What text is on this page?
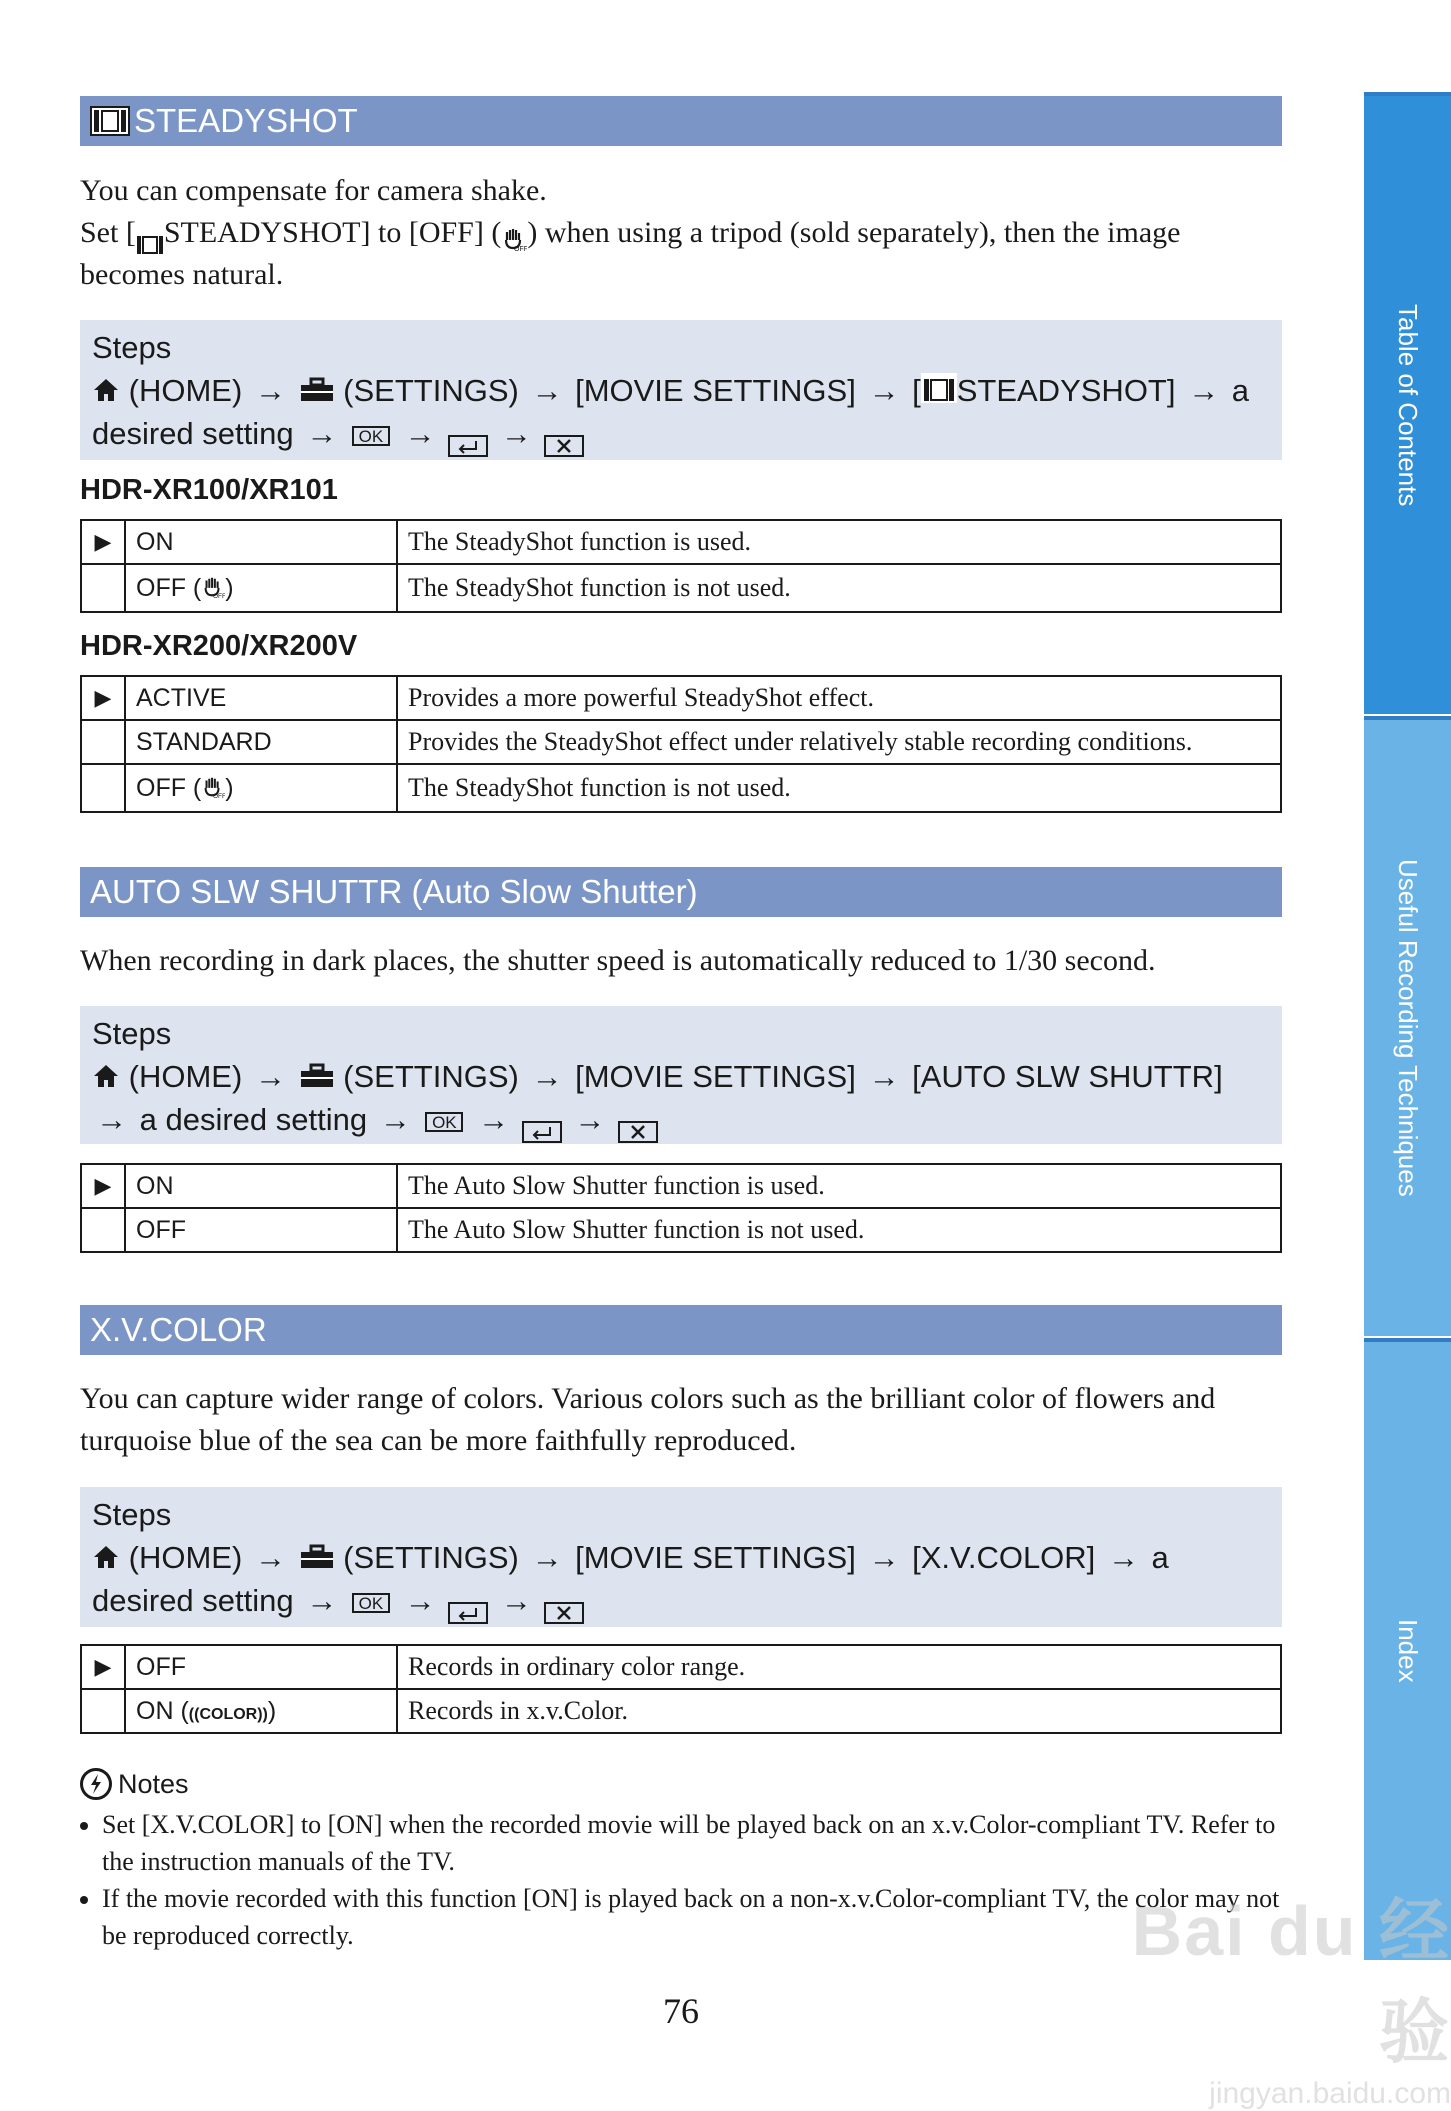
STEADYSHOT

You can compensate for camera shake.

Set [ STEADYSHOT] to [OFF] (
OFF
) when using a tripod (sold separately), then the image becomes natural.

Steps
(HOME) → (SETTINGS) → [MOVIE SETTINGS] → [ STEADYSHOT] → a desired setting → OK → →
HDR-XR100/XR101
▶	ON	The SteadyShot function is used.
	OFF ( OFF )	The SteadyShot function is not used.
HDR-XR200/XR200V
▶	ACTIVE	Provides a more powerful SteadyShot effect.
	STANDARD	Provides the SteadyShot effect under relatively stable recording conditions.
	OFF ( OFF )	The SteadyShot function is not used.
AUTO SLW SHUTTR (Auto Slow Shutter)

When recording in dark places, the shutter speed is automatically reduced to 1/30 second.

Steps
(HOME) → (SETTINGS) → [MOVIE SETTINGS] → [AUTO SLW SHUTTR] → a desired setting → OK → →
▶	ON	The Auto Slow Shutter function is used.
	OFF	The Auto Slow Shutter function is not used.
X.V.COLOR

You can capture wider range of colors. Various colors such as the brilliant color of flowers and turquoise blue of the sea can be more faithfully reproduced.

Steps
(HOME) → (SETTINGS) → [MOVIE SETTINGS] → [X.V.COLOR] → a desired setting → OK → →
▶	OFF	Records in ordinary color range.
	ON (((COLOR)))	Records in x.v.Color.
Notes
• Set [X.V.COLOR] to [ON] when the recorded movie will be played back on an x.v.Color-compliant TV. Refer to the instruction manuals of the TV.
• If the movie recorded with this function [ON] is played back on a non-x.v.Color-compliant TV, the color may not be reproduced correctly.
76
Table of Contents
Useful Recording Techniques
Index
Bai du 经验
jingyan.baidu.com
